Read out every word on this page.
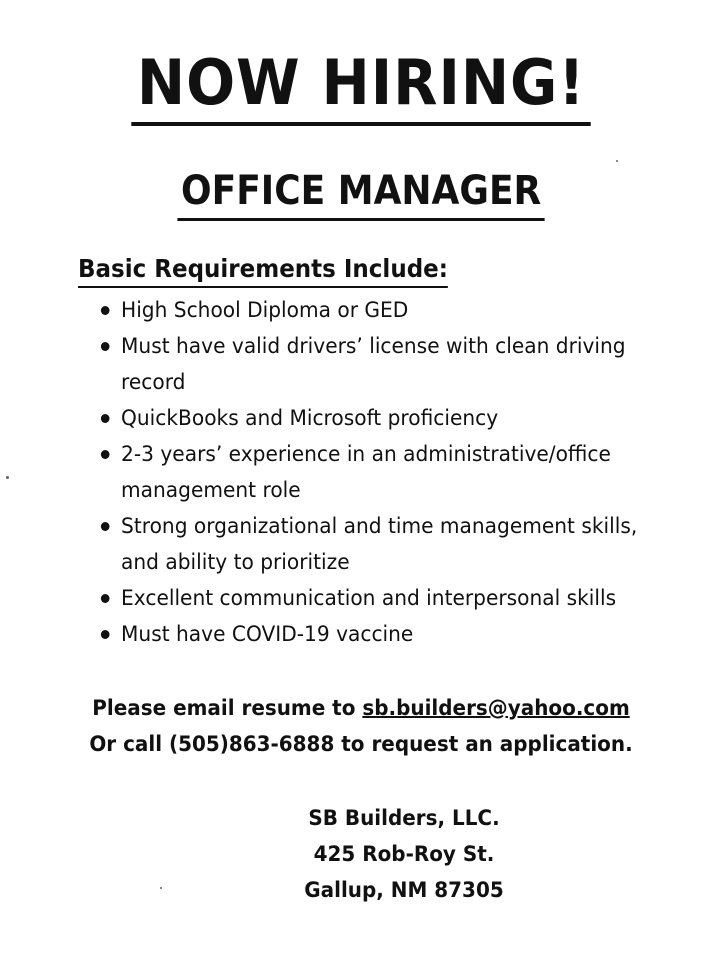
NOW HIRING!
OFFICE MANAGER
Basic Requirements Include:
High School Diploma or GED
Must have valid drivers’ license with clean driving record
QuickBooks and Microsoft proficiency
2-3 years’ experience in an administrative/office management role
Strong organizational and time management skills, and ability to prioritize
Excellent communication and interpersonal skills
Must have COVID-19 vaccine
Please email resume to sb.builders@yahoo.com
Or call (505)863-6888 to request an application.
SB Builders, LLC.
425 Rob-Roy St.
Gallup, NM 87305
